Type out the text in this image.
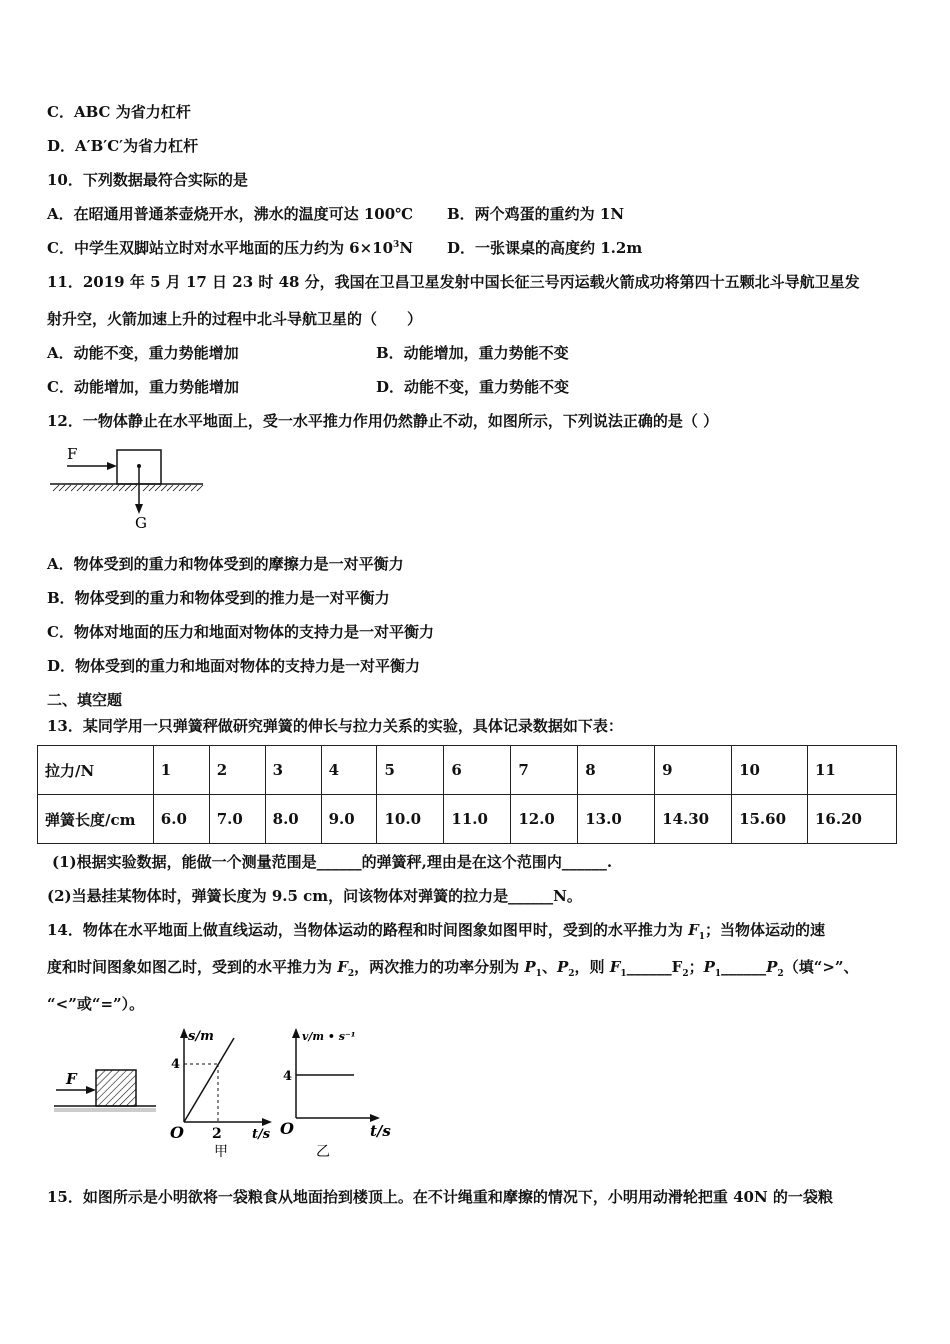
C．ABC 为省力杠杆
D．A′B′C′为省力杠杆
10．下列数据最符合实际的是
A．在昭通用普通茶壶烧开水，沸水的温度可达 100℃ B．两个鸡蛋的重约为 1N
C．中学生双脚站立时对水平地面的压力约为 $6\times 10^3N$ D．一张课桌的高度约 1.2m
11．2019 年 5 月 17 日 23 时 48 分，我国在卫昌卫星发射中国长征三号丙运载火箭成功将第四十五颗北斗导航卫星发
射升空，火箭加速上升的过程中北斗导航卫星的（　　）
A．动能不变，重力势能增加	B．动能增加，重力势能不变
C．动能增加，重力势能增加	D．动能不变，重力势能不变
12．一物体静止在水平地面上，受一水平推力作用仍然静止不动，如图所示，下列说法正确的是（ ）
F
G
A．物体受到的重力和物体受到的摩擦力是一对平衡力
B．物体受到的重力和物体受到的推力是一对平衡力
C．物体对地面的压力和地面对物体的支持力是一对平衡力
D．物体受到的重力和地面对物体的支持力是一对平衡力
二、填空题
13．某同学用一只弹簧秤做研究弹簧的伸长与拉力关系的实验，具体记录数据如下表：
拉力/N	1	2	3	4	5	6	7	8	9	10	11
弹簧长度/cm	6.0	7.0	8.0	9.0	10.0	11.0	12.0	13.0	14.30	15.60	16.20
(1)根据实验数据，能做一个测量范围是______的弹簧秤,理由是在这个范围内______.
(2)当悬挂某物体时，弹簧长度为 9.5 cm，问该物体对弹簧的拉力是______N。
14．物体在水平地面上做直线运动，当物体运动的路程和时间图象如图甲时，受到的水平推力为 $F_1$；当物体运动的速
度和时间图象如图乙时，受到的水平推力为 $F_2$，两次推力的功率分别为 $P_1$、$P_2$，则 $F_1\_\_\_\_\_\_F_2$；$P_1\_\_\_\_\_\_P_2$（填“>”、
“<”或“=”）。
F
s/m
4
2
O	t/s
甲
v/m • s⁻¹
4
O	t/s
乙
15．如图所示是小明欲将一袋粮食从地面抬到楼顶上。在不计绳重和摩擦的情况下，小明用动滑轮把重 40N 的一袋粮
